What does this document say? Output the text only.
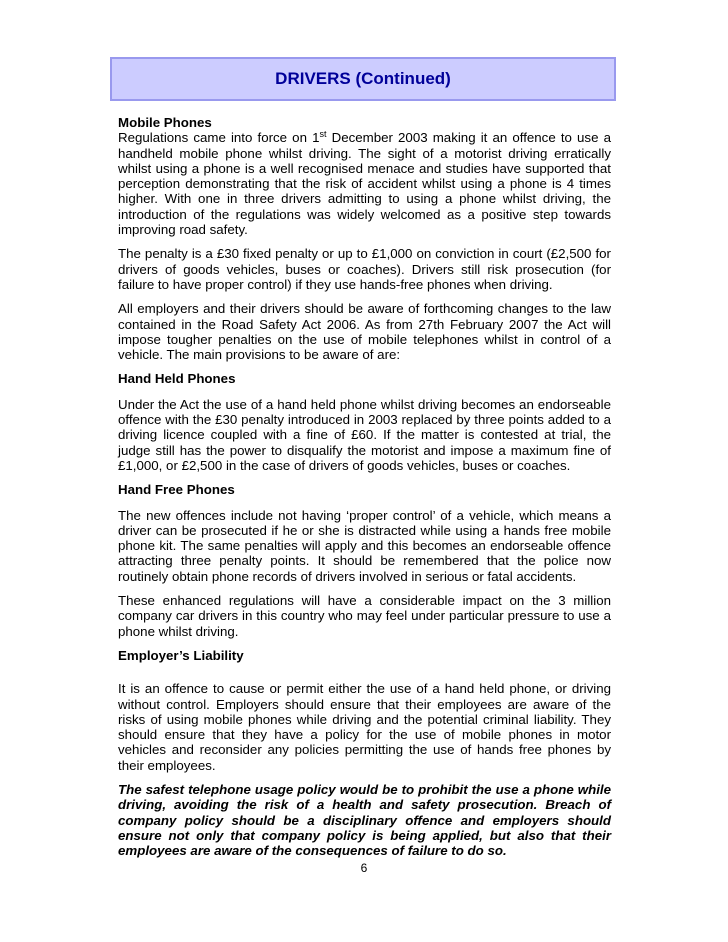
DRIVERS (Continued)
Mobile Phones

Regulations came into force on 1st December 2003 making it an offence to use a handheld mobile phone whilst driving. The sight of a motorist driving erratically whilst using a phone is a well recognised menace and studies have supported that perception demonstrating that the risk of accident whilst using a phone is 4 times higher. With one in three drivers admitting to using a phone whilst driving, the introduction of the regulations was widely welcomed as a positive step towards improving road safety.

The penalty is a £30 fixed penalty or up to £1,000 on conviction in court (£2,500 for drivers of goods vehicles, buses or coaches). Drivers still risk prosecution (for failure to have proper control) if they use hands-free phones when driving.

All employers and their drivers should be aware of forthcoming changes to the law contained in the Road Safety Act 2006. As from 27th February 2007 the Act will impose tougher penalties on the use of mobile telephones whilst in control of a vehicle. The main provisions to be aware of are:

Hand Held Phones

Under the Act the use of a hand held phone whilst driving becomes an endorseable offence with the £30 penalty introduced in 2003 replaced by three points added to a driving licence coupled with a fine of £60. If the matter is contested at trial, the judge still has the power to disqualify the motorist and impose a maximum fine of £1,000, or £2,500 in the case of drivers of goods vehicles, buses or coaches.

Hand Free Phones

The new offences include not having ‘proper control’ of a vehicle, which means a driver can be prosecuted if he or she is distracted while using a hands free mobile phone kit. The same penalties will apply and this becomes an endorseable offence attracting three penalty points. It should be remembered that the police now routinely obtain phone records of drivers involved in serious or fatal accidents.

These enhanced regulations will have a considerable impact on the 3 million company car drivers in this country who may feel under particular pressure to use a phone whilst driving.

Employer’s Liability

It is an offence to cause or permit either the use of a hand held phone, or driving without control. Employers should ensure that their employees are aware of the risks of using mobile phones while driving and the potential criminal liability. They should ensure that they have a policy for the use of mobile phones in motor vehicles and reconsider any policies permitting the use of hands free phones by their employees.

The safest telephone usage policy would be to prohibit the use a phone while driving, avoiding the risk of a health and safety prosecution. Breach of company policy should be a disciplinary offence and employers should ensure not only that company policy is being applied, but also that their employees are aware of the consequences of failure to do so.

6
